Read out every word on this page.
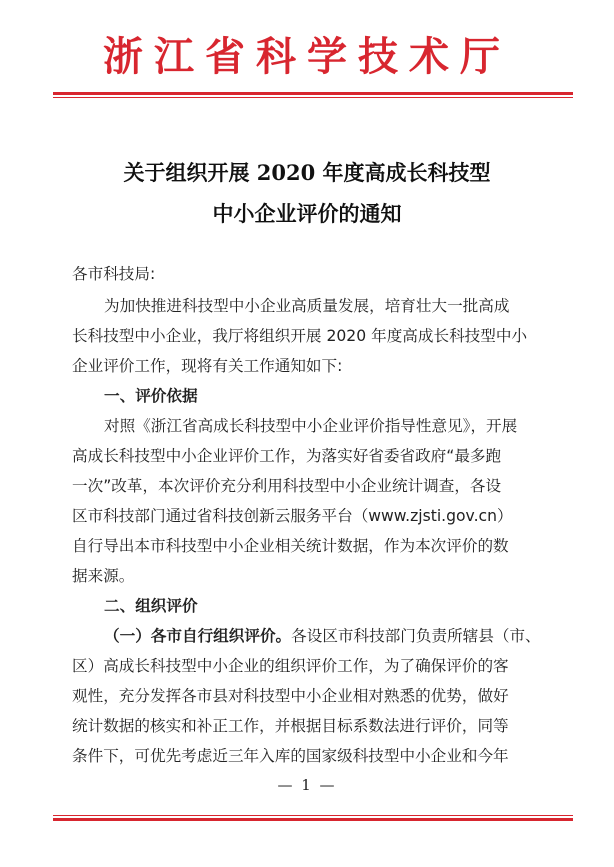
浙江省科学技术厅
关于组织开展 2020 年度高成长科技型
中小企业评价的通知
各市科技局:
为加快推进科技型中小企业高质量发展，培育壮大一批高成
长科技型中小企业，我厅将组织开展 2020 年度高成长科技型中小
企业评价工作，现将有关工作通知如下:
一、评价依据
对照《浙江省高成长科技型中小企业评价指导性意见》，开展
高成长科技型中小企业评价工作，为落实好省委省政府“最多跑
一次”改革，本次评价充分利用科技型中小企业统计调查，各设
区市科技部门通过省科技创新云服务平台（www.zjsti.gov.cn）
自行导出本市科技型中小企业相关统计数据，作为本次评价的数
据来源。
二、组织评价
（一）各市自行组织评价。各设区市科技部门负责所辖县（市、
区）高成长科技型中小企业的组织评价工作，为了确保评价的客
观性，充分发挥各市县对科技型中小企业相对熟悉的优势，做好
统计数据的核实和补正工作，并根据目标系数法进行评价，同等
条件下，可优先考虑近三年入库的国家级科技型中小企业和今年
— 1 —
